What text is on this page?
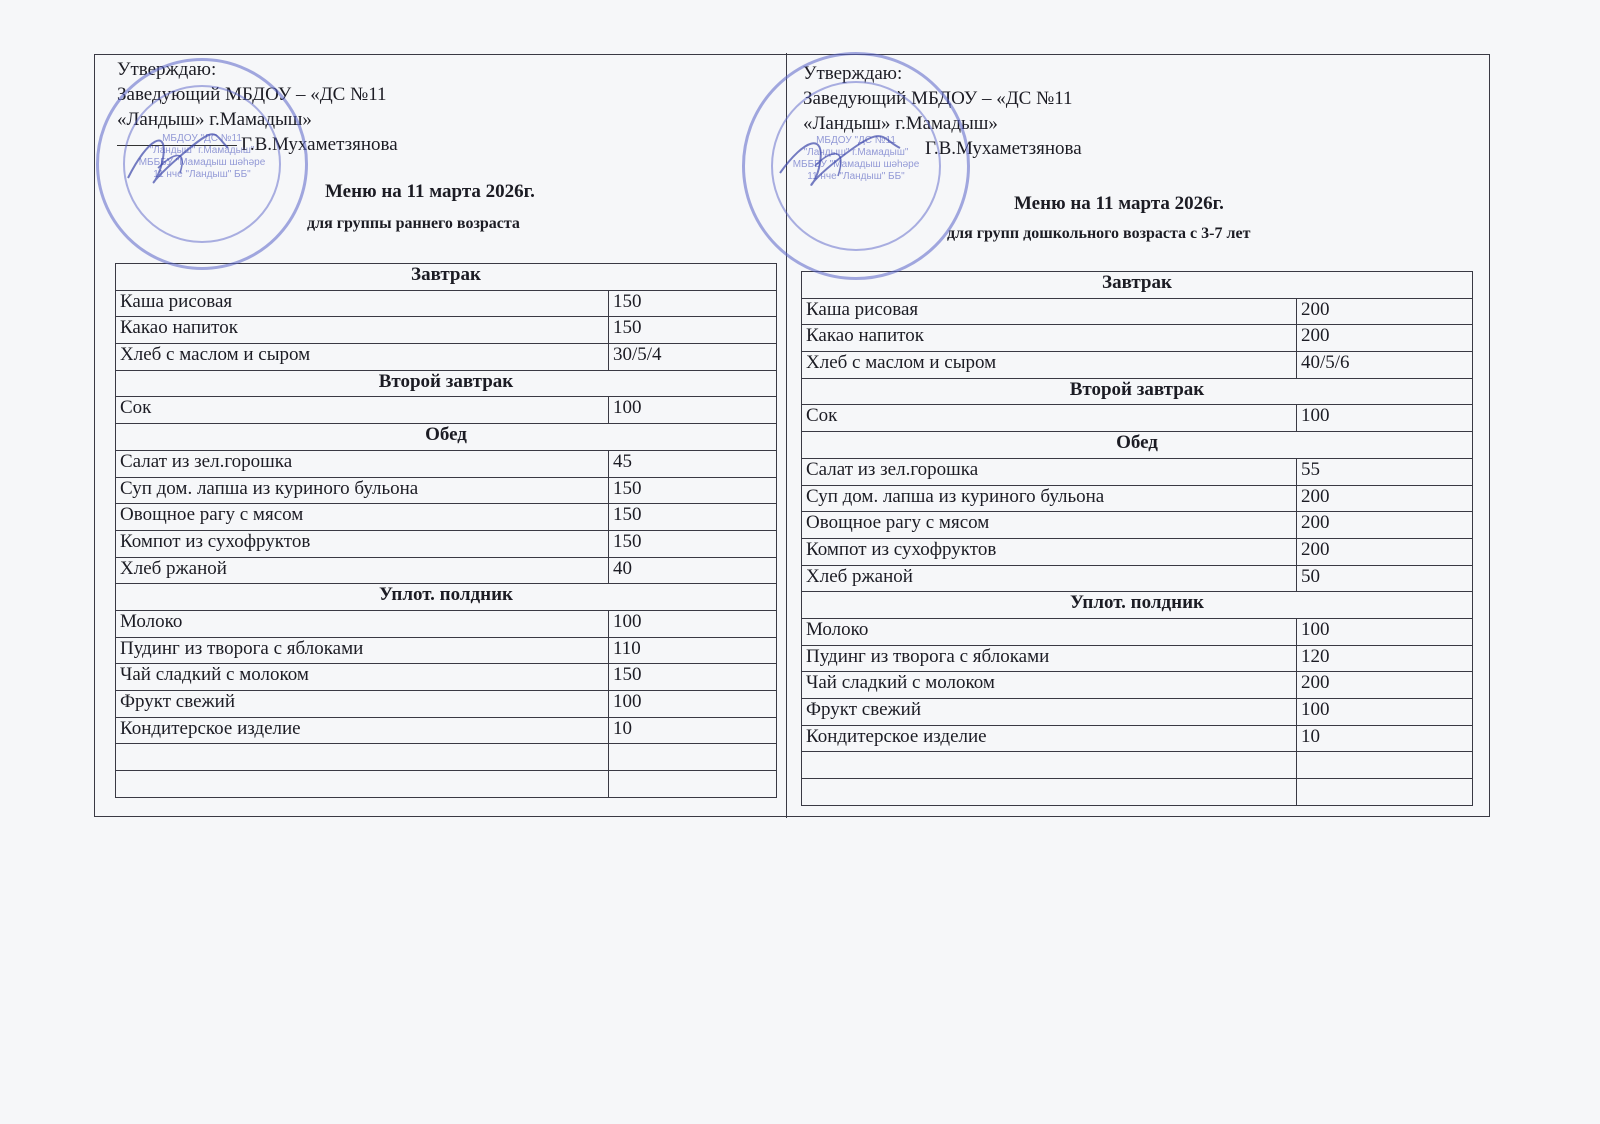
Утверждаю:
Заведующий МБДОУ – «ДС №11
«Ландыш» г.Мамадыш»
Г.В.Мухаметзянова
Меню на 11 марта 2026г.
для группы раннего возраста
Завтрак	
Каша рисовая	150
Какао напиток	150
Хлеб с маслом и сыром	30/5/4
Второй завтрак	
Сок	100
Обед	
Салат из зел.горошка	45
Суп дом. лапша из куриного бульона	150
Овощное рагу с мясом	150
Компот из сухофруктов	150
Хлеб ржаной	40
Уплот. полдник	
Молоко	100
Пудинг из творога с яблоками	110
Чай сладкий с молоком	150
Фрукт свежий	100
Кондитерское изделие	10

Утверждаю:
Заведующий МБДОУ – «ДС №11
«Ландыш» г.Мамадыш»
Г.В.Мухаметзянова
Меню на 11 марта 2026г.
для групп дошкольного возраста с 3-7 лет
Завтрак	
Каша рисовая	200
Какао напиток	200
Хлеб с маслом и сыром	40/5/6
Второй завтрак	
Сок	100
Обед	
Салат из зел.горошка	55
Суп дом. лапша из куриного бульона	200
Овощное рагу с мясом	200
Компот из сухофруктов	200
Хлеб ржаной	50
Уплот. полдник	
Молоко	100
Пудинг из творога с яблоками	120
Чай сладкий с молоком	200
Фрукт свежий	100
Кондитерское изделие	10

МБДОУ "ДС №11
"Ландыш" г.Мамадыш"
МБББУ "Мамадыш шәһәре
11 нче "Ландыш" ББ"
МБДОУ "ДС №11
"Ландыш" г.Мамадыш"
МБББУ "Мамадыш шәһәре
11 нче "Ландыш" ББ"
